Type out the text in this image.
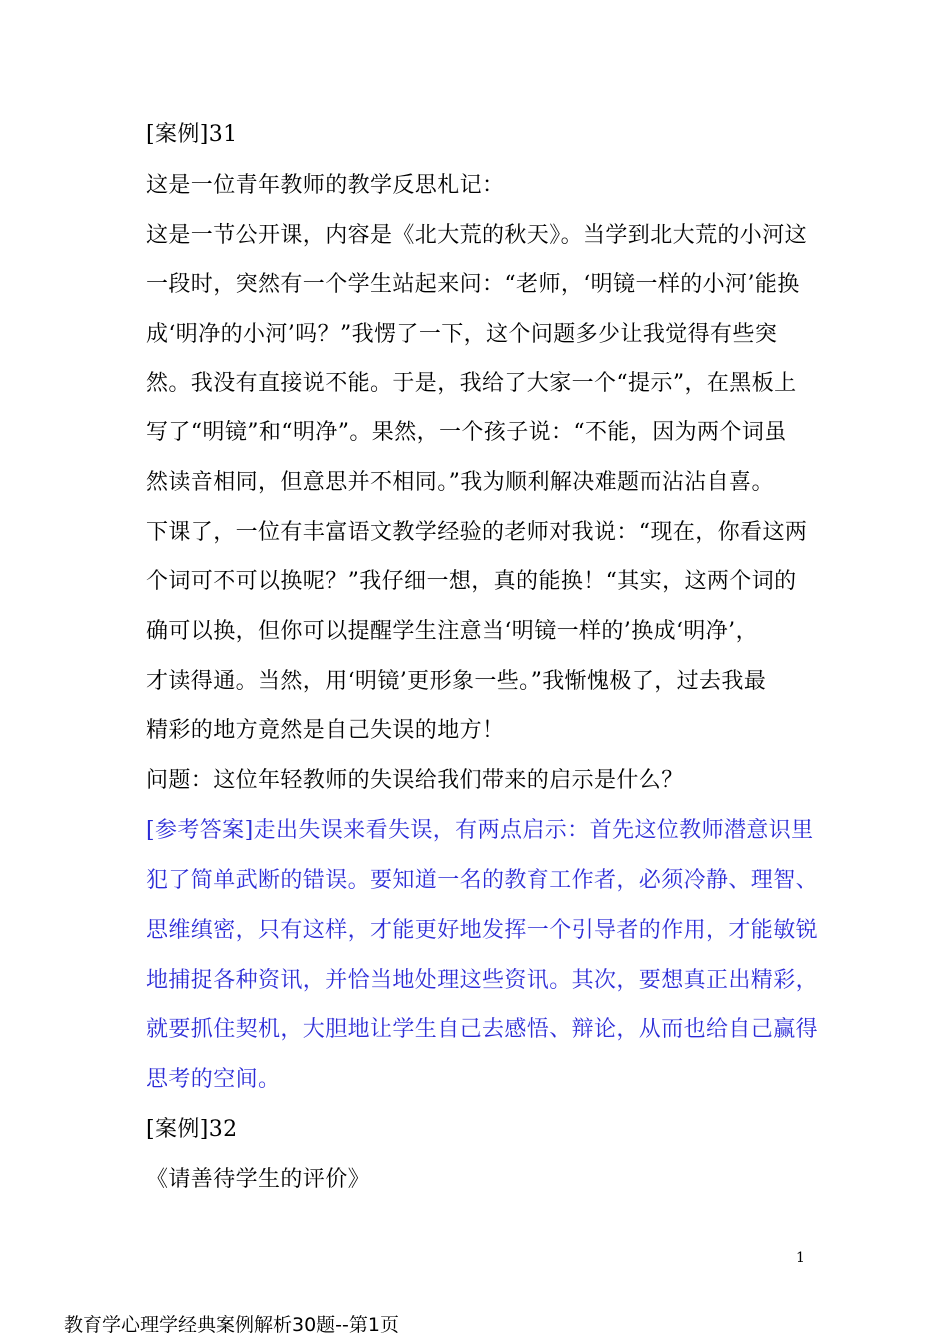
[案例]31
这是一位青年教师的教学反思札记：
这是一节公开课，内容是《北大荒的秋天》。当学到北大荒的小河这
一段时，突然有一个学生站起来问：“老师，‘明镜一样的小河’能换
成‘明净的小河’吗？”我愣了一下，这个问题多少让我觉得有些突
然。我没有直接说不能。于是，我给了大家一个“提示”，在黑板上
写了“明镜”和“明净”。果然，一个孩子说：“不能，因为两个词虽
然读音相同，但意思并不相同。”我为顺利解决难题而沾沾自喜。
下课了，一位有丰富语文教学经验的老师对我说：“现在，你看这两
个词可不可以换呢？”我仔细一想，真的能换！“其实，这两个词的
确可以换，但你可以提醒学生注意当‘明镜一样的’换成‘明净’，
才读得通。当然，用‘明镜’更形象一些。”我惭愧极了，过去我最
精彩的地方竟然是自己失误的地方！
问题：这位年轻教师的失误给我们带来的启示是什么？
[参考答案]走出失误来看失误，有两点启示：首先这位教师潜意识里
犯了简单武断的错误。要知道一名的教育工作者，必须冷静、理智、
思维缜密，只有这样，才能更好地发挥一个引导者的作用，才能敏锐
地捕捉各种资讯，并恰当地处理这些资讯。其次，要想真正出精彩，
就要抓住契机，大胆地让学生自己去感悟、辩论，从而也给自己赢得
思考的空间。
[案例]32
《请善待学生的评价》
1
教育学心理学经典案例解析30题--第1页
